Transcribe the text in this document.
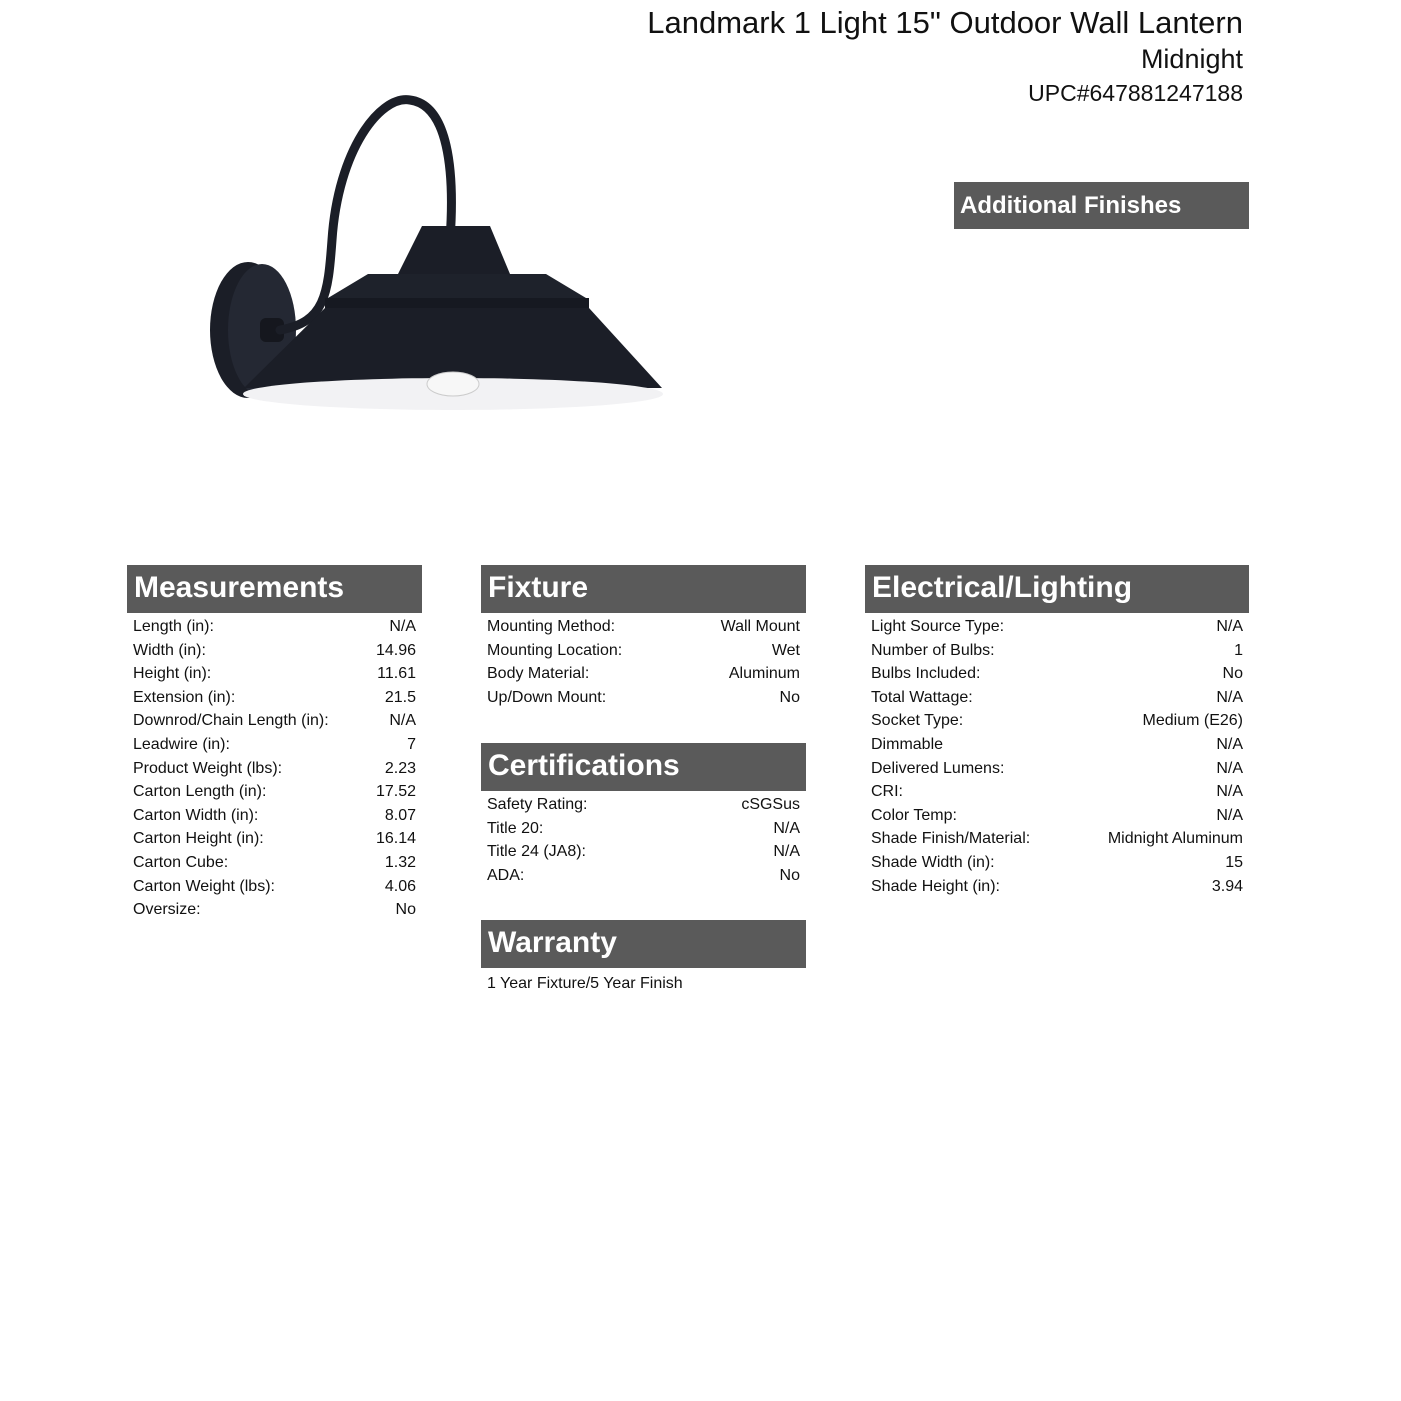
Landmark 1 Light 15" Outdoor Wall Lantern
Midnight
UPC#647881247188
Additional Finishes
Measurements
Length (in):	N/A
Width (in):	14.96
Height (in):	11.61
Extension (in):	21.5
Downrod/Chain Length (in):	N/A
Leadwire (in):	7
Product Weight (lbs):	2.23
Carton Length (in):	17.52
Carton Width (in):	8.07
Carton Height (in):	16.14
Carton Cube:	1.32
Carton Weight (lbs):	4.06
Oversize:	No
Fixture
Mounting Method:	Wall Mount
Mounting Location:	Wet
Body Material:	Aluminum
Up/Down Mount:	No
Certifications
Safety Rating:	cSGSus
Title 20:	N/A
Title 24 (JA8):	N/A
ADA:	No
Warranty
1 Year Fixture/5 Year Finish
Electrical/Lighting
Light Source Type:	N/A
Number of Bulbs:	1
Bulbs Included:	No
Total Wattage:	N/A
Socket Type:	Medium (E26)
Dimmable	N/A
Delivered Lumens:	N/A
CRI:	N/A
Color Temp:	N/A
Shade Finish/Material:	Midnight Aluminum
Shade Width (in):	15
Shade Height (in):	3.94
